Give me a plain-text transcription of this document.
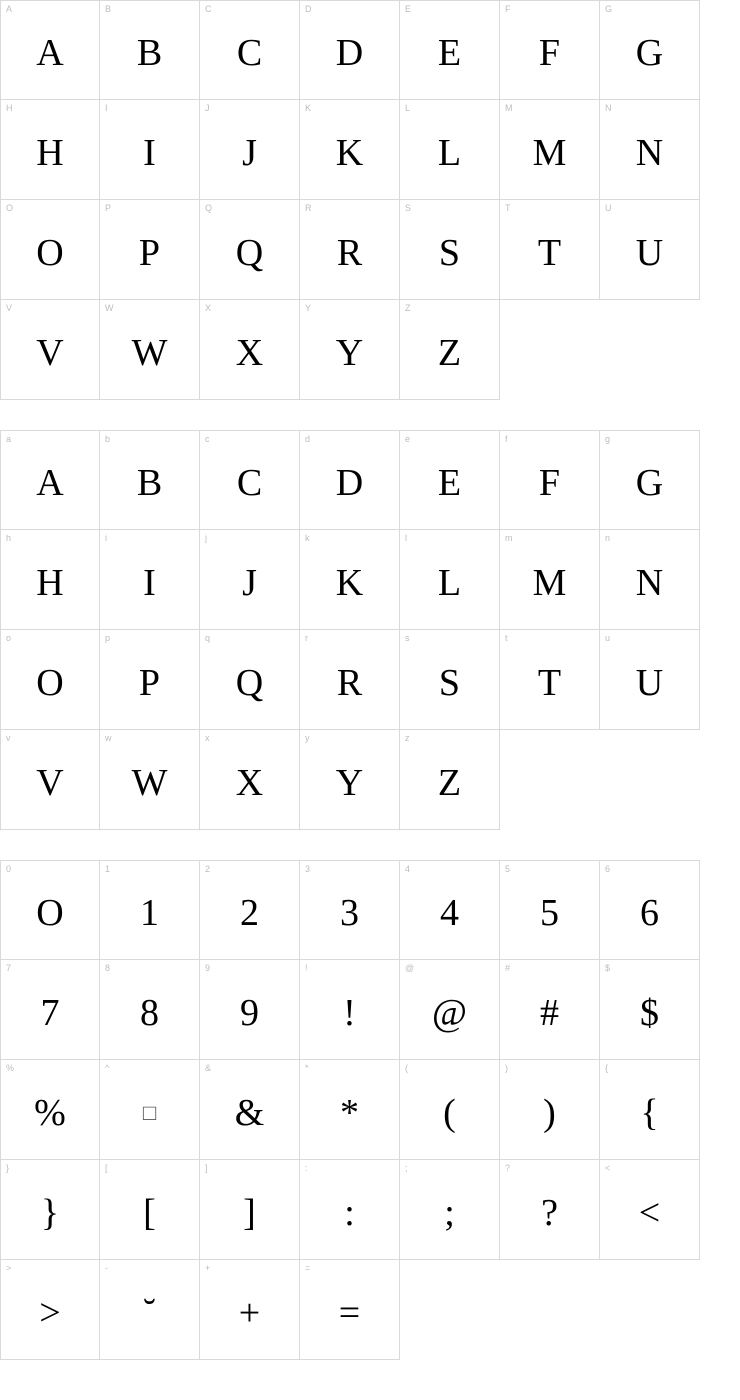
A
A
B
B
C
C
D
D
E
E
F
F
G
G
H
H
I
I
J
J
K
K
L
L
M
M
N
N
O
O
P
P
Q
Q
R
R
S
S
T
T
U
U
V
V
W
W
X
X
Y
Y
Z
Z
a
A
b
B
c
C
d
D
e
E
f
F
g
G
h
H
i
I
j
J
k
K
l
L
m
M
n
N
o
O
p
P
q
Q
r
R
s
S
t
T
u
U
v
V
w
W
x
X
y
Y
z
Z
0
O
1
1
2
2
3
3
4
4
5
5
6
6
7
7
8
8
9
9
!
!
@
@
#
#
$
$
%
%
^
□
&
&
*
*
(
(
)
)
{
{
}
}
[
[
]
]
:
:
;
;
?
?
<
<
>
>
-
˘
+
+
=
=
